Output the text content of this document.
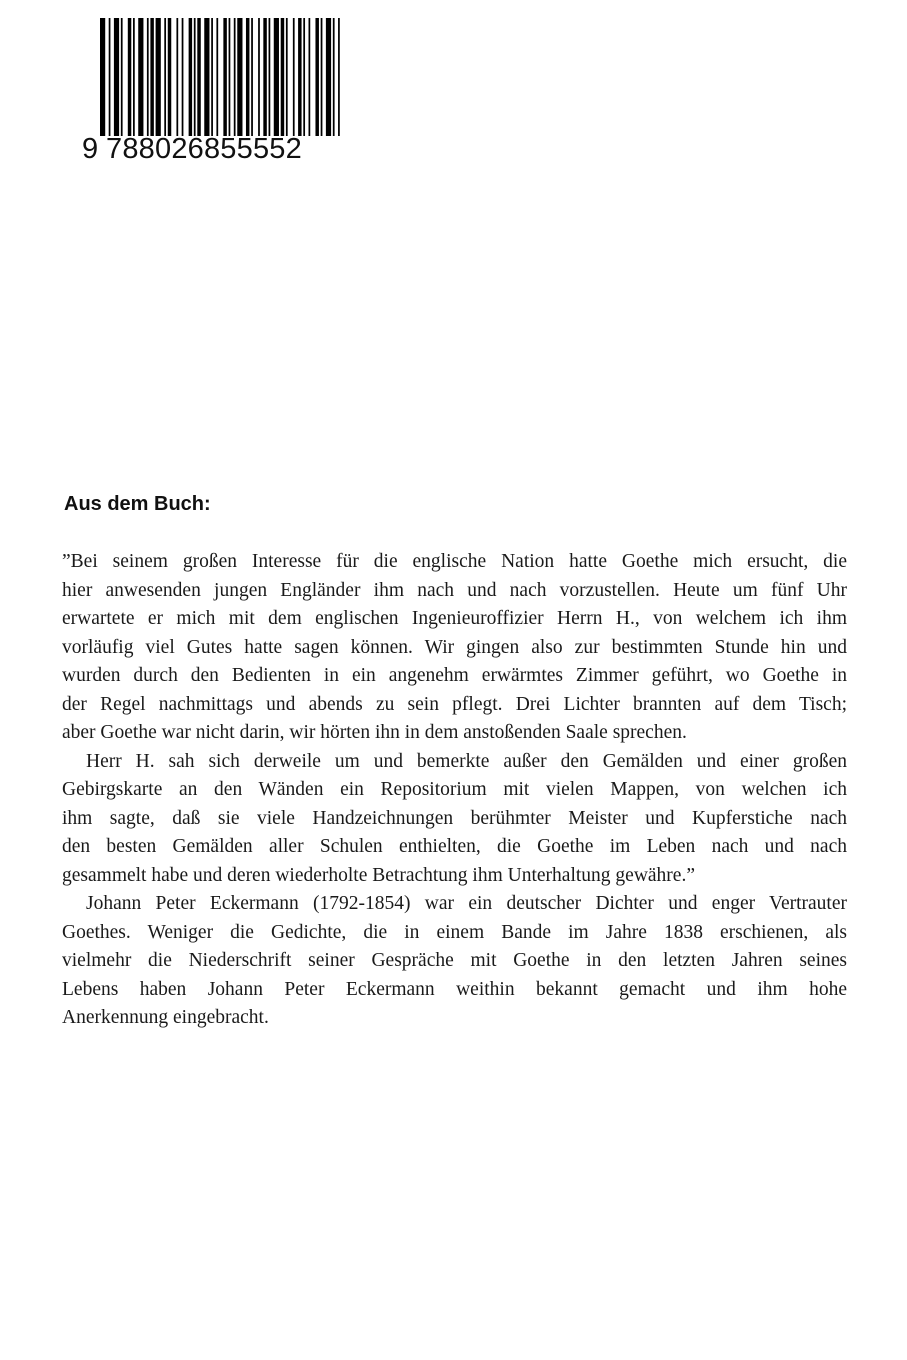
9 788026855552
Aus dem Buch:

”Bei seinem großen Interesse für die englische Nation hatte Goethe mich ersucht, die
hier anwesenden jungen Engländer ihm nach und nach vorzustellen. Heute um fünf Uhr
erwartete er mich mit dem englischen Ingenieuroffizier Herrn H., von welchem ich ihm
vorläufig viel Gutes hatte sagen können. Wir gingen also zur bestimmten Stunde hin und
wurden durch den Bedienten in ein angenehm erwärmtes Zimmer geführt, wo Goethe in
der Regel nachmittags und abends zu sein pflegt. Drei Lichter brannten auf dem Tisch;

aber Goethe war nicht darin, wir hörten ihn in dem anstoßenden Saale sprechen.

Herr H. sah sich derweile um und bemerkte außer den Gemälden und einer großen
Gebirgskarte an den Wänden ein Repositorium mit vielen Mappen, von welchen ich
ihm sagte, daß sie viele Handzeichnungen berühmter Meister und Kupferstiche nach
den besten Gemälden aller Schulen enthielten, die Goethe im Leben nach und nach

gesammelt habe und deren wiederholte Betrachtung ihm Unterhaltung gewähre.”

Johann Peter Eckermann (1792-1854) war ein deutscher Dichter und enger Vertrauter
Goethes. Weniger die Gedichte, die in einem Bande im Jahre 1838 erschienen, als
vielmehr die Niederschrift seiner Gespräche mit Goethe in den letzten Jahren seines
Lebens haben Johann Peter Eckermann weithin bekannt gemacht und ihm hohe

Anerkennung eingebracht.
